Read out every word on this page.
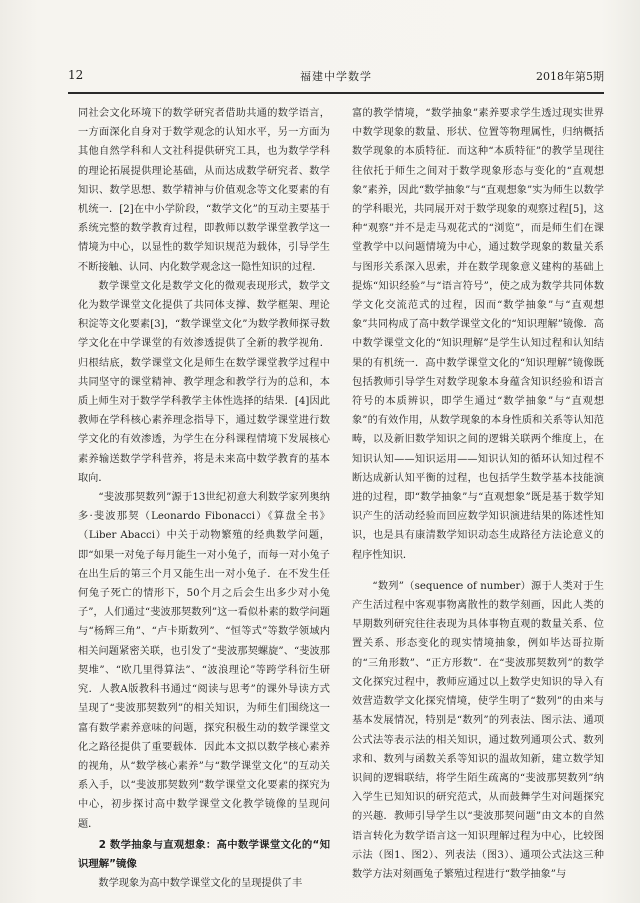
12	福建中学数学	2018年第5期

同社会文化环境下的数学研究者借助共通的数学语言，一方面深化自身对于数学观念的认知水平，另一方面为其他自然学科和人文社科提供研究工具，也为数学学科的理论拓展提供理论基础，从而达成数学研究者、数学知识、数学思想、数学精神与价值观念等文化要素的有机统一．[2]在中小学阶段，“数学文化”的互动主要基于系统完整的数学教育过程，即教师以数学课堂教学这一情境为中心，以显性的数学知识规范为载体，引导学生不断接触、认同、内化数学观念这一隐性知识的过程．

数学课堂文化是数学文化的微观表现形式，数学文化为数学课堂文化提供了共同体支撑、数学框架、理论积淀等文化要素[3]，“数学课堂文化”为数学教师探寻数学文化在中学课堂的有效渗透提供了全新的教学视角．归根结底，数学课堂文化是师生在数学课堂教学过程中共同坚守的课堂精神、教学理念和教学行为的总和，本质上师生对于数学学科教学主体性选择的结果．[4]因此教师在学科核心素养理念指导下，通过数学课堂进行数学文化的有效渗透，为学生在分科课程情境下发展核心素养输送数学学科营养，将是未来高中数学教育的基本取向．

“斐波那契数列”源于13世纪初意大利数学家列奥纳多·斐波那契（Leonardo Fibonacci）《算盘全书》（Liber Abacci）中关于动物繁殖的经典数学问题，即“如果一对兔子每月能生一对小兔子，而每一对小兔子在出生后的第三个月又能生出一对小兔子．在不发生任何兔子死亡的情形下，50个月之后会生出多少对小兔子”，人们通过“斐波那契数列”这一看似朴素的数学问题与“杨辉三角”、“卢卡斯数列”、“恒等式”等数学领域内相关问题紧密关联，也引发了“斐波那契螺旋”、“斐波那契堆”、“欧几里得算法”、“波浪理论”等跨学科衍生研究．人教A版教科书通过“阅读与思考”的课外导读方式呈现了“斐波那契数列”的相关知识，为师生们围绕这一富有数学素养意味的问题，探究积极生动的数学课堂文化之路径提供了重要载体．因此本文拟以数学核心素养的视角，从“数学核心素养”与“数学课堂文化”的互动关系入手，以“斐波那契数列”数学课堂文化要素的探究为中心，初步探讨高中数学课堂文化教学镜像的呈现问题．

2 数学抽象与直观想象：高中数学课堂文化的“知识理解”镜像

数学现象为高中数学课堂文化的呈现提供了丰

富的教学情境，“数学抽象”素养要求学生透过现实世界中数学现象的数量、形状、位置等物理属性，归纳概括数学现象的本质特征．而这种“本质特征”的教学呈现往往依托于师生之间对于数学现象形态与变化的“直观想象”素养，因此“数学抽象”与“直观想象”实为师生以数学的学科眼光，共同展开对于数学现象的观察过程[5]，这种“观察”并不是走马观花式的“浏览”，而是师生们在课堂教学中以问题情境为中心，通过数学现象的数量关系与图形关系深入思索，并在数学现象意义建构的基础上提炼“知识经验”与“语言符号”，使之成为数学共同体数学文化交流范式的过程，因而“数学抽象”与“直观想象”共同构成了高中数学课堂文化的“知识理解”镜像．高中数学课堂文化的“知识理解”是学生认知过程和认知结果的有机统一．高中数学课堂文化的“知识理解”镜像既包括教师引导学生对数学现象本身蕴含知识经验和语言符号的本质辨识，即学生通过“数学抽象”与“直观想象”的有效作用，从数学现象的本身性质和关系等认知范畴，以及新旧数学知识之间的逻辑关联两个维度上，在知识认知——知识运用——知识认知的循环认知过程不断达成新认知平衡的过程，也包括学生数学基本技能演进的过程，即“数学抽象”与“直观想象”既是基于数学知识产生的活动经验而回应数学知识演进结果的陈述性知识，也是具有康清数学知识动态生成路径方法论意义的程序性知识．

“数列”（sequence of number）源于人类对于生产生活过程中客观事物离散性的数学刻画，因此人类的早期数列研究往往表现为具体事物直观的数量关系、位置关系、形态变化的现实情境抽象，例如毕达哥拉斯的“三角形数”、“正方形数”．在“斐波那契数列”的数学文化探究过程中，教师应通过以上数学史知识的导入有效营造数学文化探究情境，使学生明了“数列”的由来与基本发展情况，特别是“数列”的列表法、图示法、通项公式法等表示法的相关知识，通过数列通项公式、数列求和、数列与函数关系等知识的温故知新，建立数学知识间的逻辑联结，将学生陌生疏离的“斐波那契数列”纳入学生已知知识的研究范式，从而鼓舞学生对问题探究的兴趣．教师引导学生以“斐波那契问题”由文本的自然语言转化为数学语言这一知识理解过程为中心，比较图示法（图1、图2）、列表法（图3）、通项公式法这三种数学方法对刻画兔子繁殖过程进行“数学抽象”与
